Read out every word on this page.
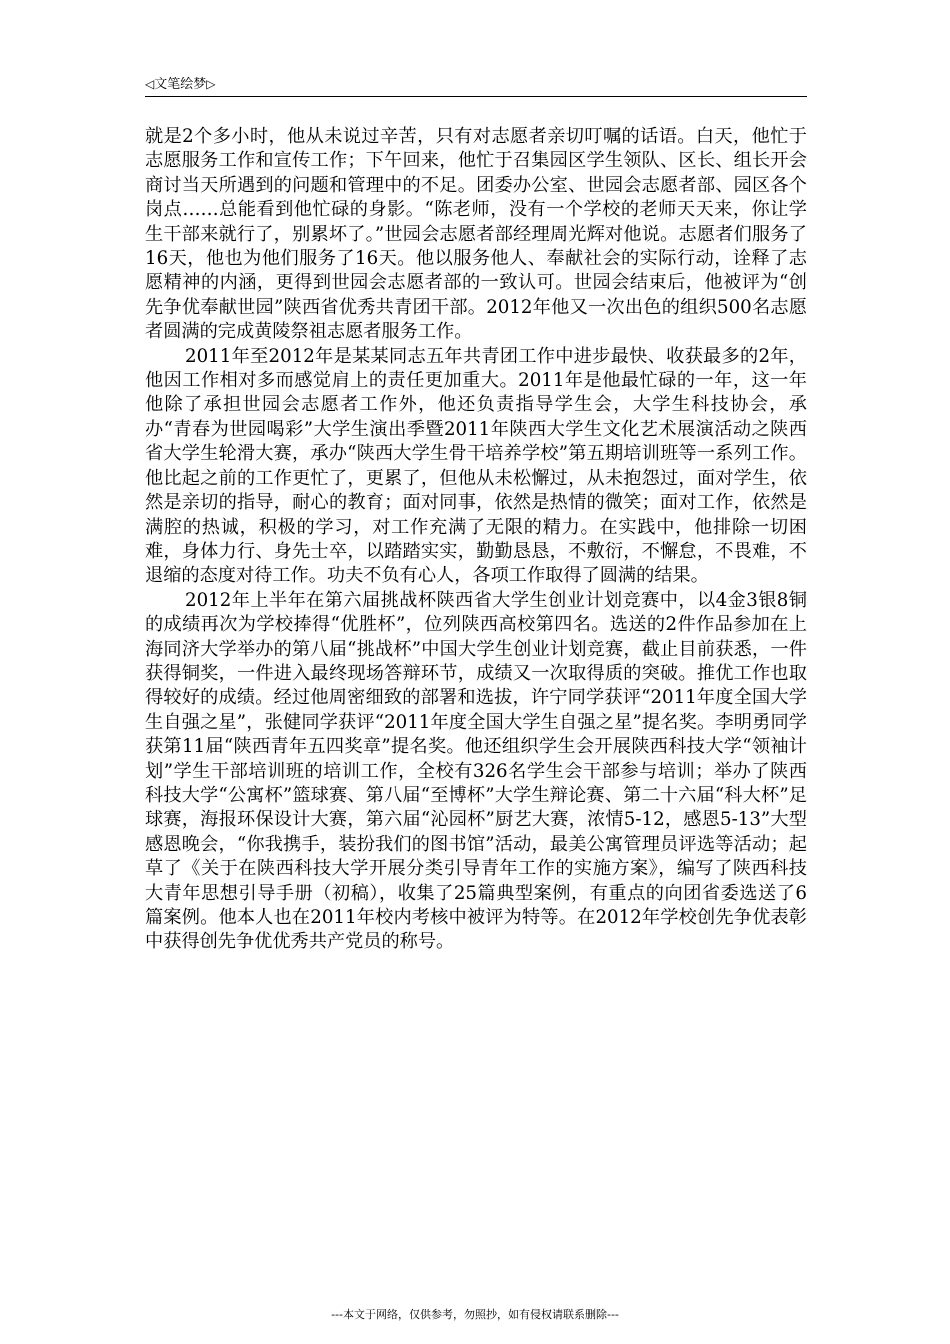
◁文笔绘梦▷

就是2个多小时，他从未说过辛苦，只有对志愿者亲切叮嘱的话语。白天，他忙于志愿服务工作和宣传工作；下午回来，他忙于召集园区学生领队、区长、组长开会商讨当天所遇到的问题和管理中的不足。团委办公室、世园会志愿者部、园区各个岗点……总能看到他忙碌的身影。“陈老师，没有一个学校的老师天天来，你让学生干部来就行了，别累坏了。”世园会志愿者部经理周光辉对他说。志愿者们服务了16天，他也为他们服务了16天。他以服务他人、奉献社会的实际行动，诠释了志愿精神的内涵，更得到世园会志愿者部的一致认可。世园会结束后，他被评为“创先争优奉献世园”陕西省优秀共青团干部。2012年他又一次出色的组织500名志愿者圆满的完成黄陵祭祖志愿者服务工作。

2011年至2012年是某某同志五年共青团工作中进步最快、收获最多的2年，他因工作相对多而感觉肩上的责任更加重大。2011年是他最忙碌的一年，这一年他除了承担世园会志愿者工作外，他还负责指导学生会，大学生科技协会，承办“青春为世园喝彩”大学生演出季暨2011年陕西大学生文化艺术展演活动之陕西省大学生轮滑大赛，承办“陕西大学生骨干培养学校”第五期培训班等一系列工作。他比起之前的工作更忙了，更累了，但他从未松懈过，从未抱怨过，面对学生，依然是亲切的指导，耐心的教育；面对同事，依然是热情的微笑；面对工作，依然是满腔的热诚，积极的学习，对工作充满了无限的精力。在实践中，他排除一切困难，身体力行、身先士卒，以踏踏实实，勤勤恳恳，不敷衍，不懈怠，不畏难，不退缩的态度对待工作。功夫不负有心人，各项工作取得了圆满的结果。

2012年上半年在第六届挑战杯陕西省大学生创业计划竞赛中，以4金3银8铜的成绩再次为学校捧得“优胜杯”，位列陕西高校第四名。选送的2件作品参加在上海同济大学举办的第八届“挑战杯”中国大学生创业计划竞赛，截止目前获悉，一件获得铜奖，一件进入最终现场答辩环节，成绩又一次取得质的突破。推优工作也取得较好的成绩。经过他周密细致的部署和选拔，许宁同学获评“2011年度全国大学生自强之星”，张健同学获评“2011年度全国大学生自强之星”提名奖。李明勇同学获第11届“陕西青年五四奖章”提名奖。他还组织学生会开展陕西科技大学“领袖计划”学生干部培训班的培训工作，全校有326名学生会干部参与培训；举办了陕西科技大学“公寓杯”篮球赛、第八届“至博杯”大学生辩论赛、第二十六届“科大杯”足球赛，海报环保设计大赛，第六届“沁园杯”厨艺大赛，浓情5-12，感恩5-13”大型感恩晚会，“你我携手，装扮我们的图书馆”活动，最美公寓管理员评选等活动；起草了《关于在陕西科技大学开展分类引导青年工作的实施方案》，编写了陕西科技大青年思想引导手册（初稿），收集了25篇典型案例，有重点的向团省委选送了6篇案例。他本人也在2011年校内考核中被评为特等。在2012年学校创先争优表彰中获得创先争优优秀共产党员的称号。

---本文于网络，仅供参考，勿照抄，如有侵权请联系删除---
